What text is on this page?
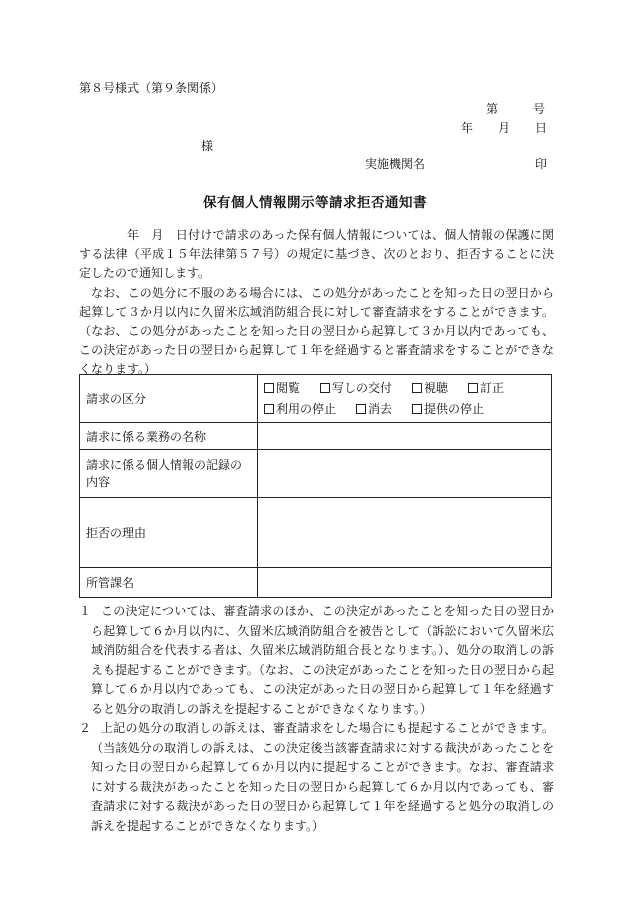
第８号様式（第９条関係）
第	号
年 月 日
様
実施機関名	印
保有個人情報開示等請求拒否通知書
年　月　日付けで請求のあった保有個人情報については、個人情報の保護に関する法律（平成１５年法律第５７号）の規定に基づき、次のとおり、拒否することに決定したので通知します。
なお、この処分に不服のある場合には、この処分があったことを知った日の翌日から起算して３か月以内に久留米広域消防組合長に対して審査請求をすることができます。（なお、この処分があったことを知った日の翌日から起算して３か月以内であっても、この決定があった日の翌日から起算して１年を経過すると審査請求をすることができなくなります。）
請求の区分	閲覧 写しの交付 視聴 訂正
利用の停止 消去 提供の停止

請求に係る業務の名称	
請求に係る個人情報の記録の内容	
拒否の理由	
所管課名	
１ この決定については、審査請求のほか、この決定があったことを知った日の翌日から起算して６か月以内に、久留米広域消防組合を被告として（訴訟において久留米広域消防組合を代表する者は、久留米広域消防組合長となります。）、処分の取消しの訴えも提起することができます。（なお、この決定があったことを知った日の翌日から起算して６か月以内であっても、この決定があった日の翌日から起算して１年を経過すると処分の取消しの訴えを提起することができなくなります。）
２ 上記の処分の取消しの訴えは、審査請求をした場合にも提起することができます。（当該処分の取消しの訴えは、この決定後当該審査請求に対する裁決があったことを知った日の翌日から起算して６か月以内に提起することができます。なお、審査請求に対する裁決があったことを知った日の翌日から起算して６か月以内であっても、審査請求に対する裁決があった日の翌日から起算して１年を経過すると処分の取消しの訴えを提起することができなくなります。）
